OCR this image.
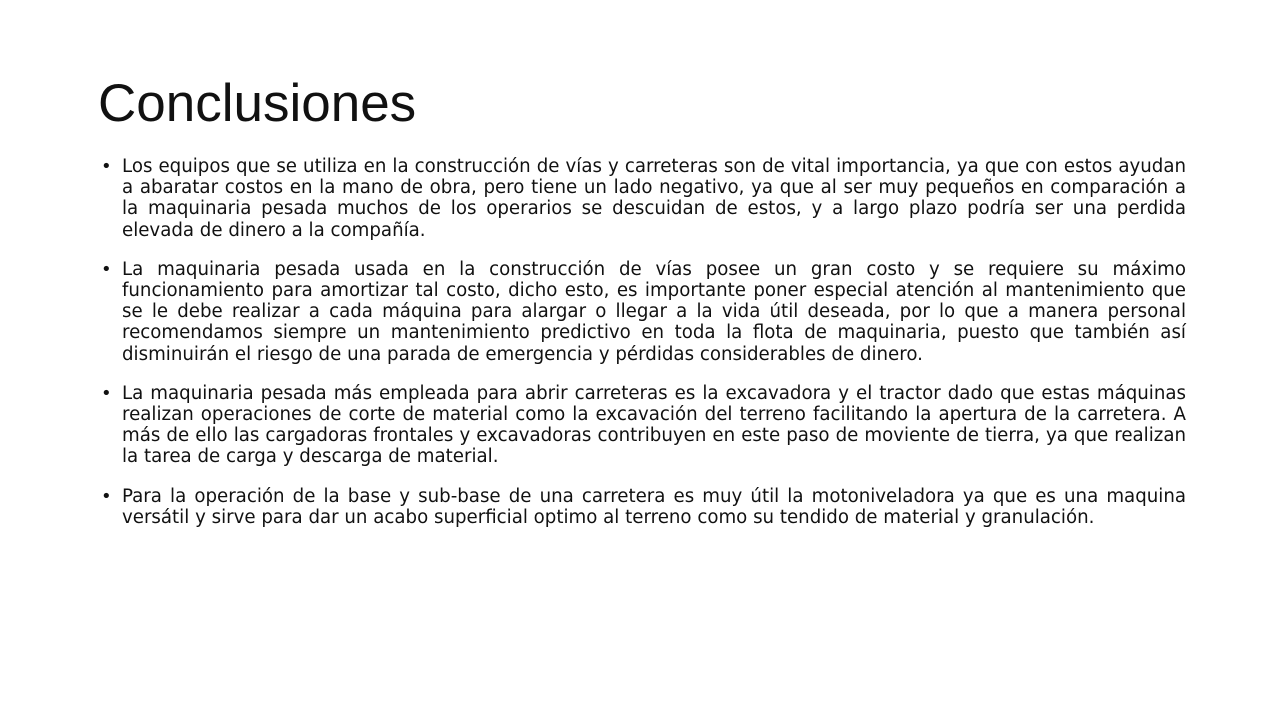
Conclusiones
• Los equipos que se utiliza en la construcción de vías y carreteras son de vital importancia, ya que con estos ayudan a abaratar costos en la mano de obra, pero tiene un lado negativo, ya que al ser muy pequeños en comparación a la maquinaria pesada muchos de los operarios se descuidan de estos, y a largo plazo podría ser una perdida elevada de dinero a la compañía.
• La maquinaria pesada usada en la construcción de vías posee un gran costo y se requiere su máximo funcionamiento para amortizar tal costo, dicho esto, es importante poner especial atención al mantenimiento que se le debe realizar a cada máquina para alargar o llegar a la vida útil deseada, por lo que a manera personal recomendamos siempre un mantenimiento predictivo en toda la flota de maquinaria, puesto que también así disminuirán el riesgo de una parada de emergencia y pérdidas considerables de dinero.
• La maquinaria pesada más empleada para abrir carreteras es la excavadora y el tractor dado que estas máquinas realizan operaciones de corte de material como la excavación del terreno facilitando la apertura de la carretera. A más de ello las cargadoras frontales y excavadoras contribuyen en este paso de moviente de tierra, ya que realizan la tarea de carga y descarga de material.
• Para la operación de la base y sub-base de una carretera es muy útil la motoniveladora ya que es una maquina versátil y sirve para dar un acabo superficial optimo al terreno como su tendido de material y granulación.
